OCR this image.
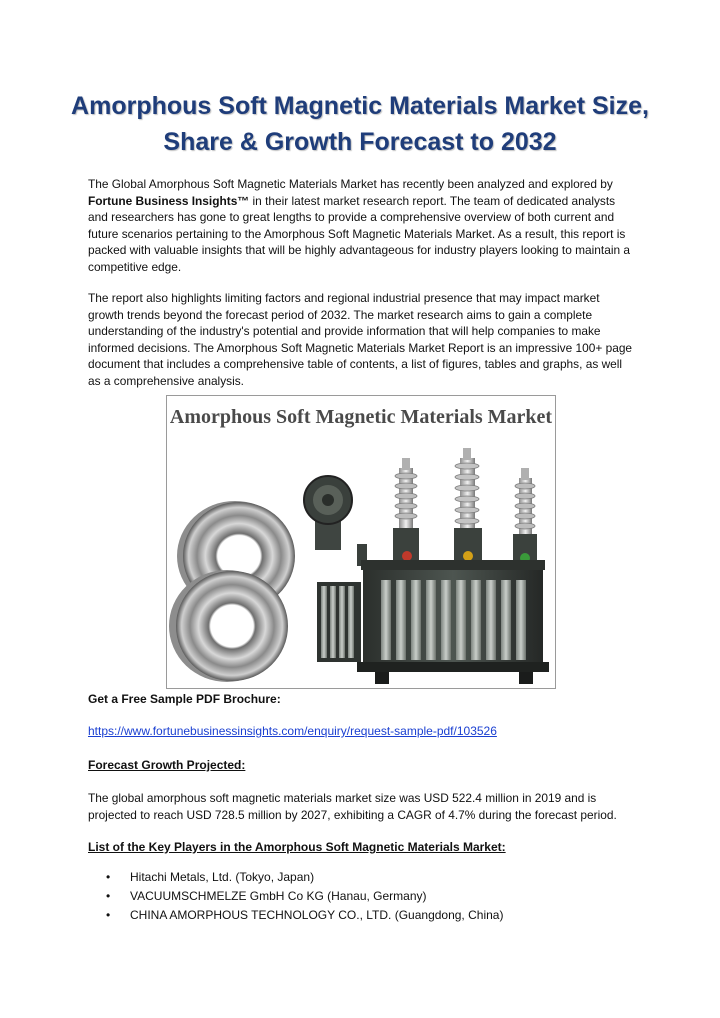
Amorphous Soft Magnetic Materials Market Size,
Share & Growth Forecast to 2032

The Global Amorphous Soft Magnetic Materials Market has recently been analyzed and explored by Fortune Business Insights™ in their latest market research report. The team of dedicated analysts and researchers has gone to great lengths to provide a comprehensive overview of both current and future scenarios pertaining to the Amorphous Soft Magnetic Materials Market. As a result, this report is packed with valuable insights that will be highly advantageous for industry players looking to maintain a competitive edge.

The report also highlights limiting factors and regional industrial presence that may impact market growth trends beyond the forecast period of 2032. The market research aims to gain a complete understanding of the industry's potential and provide information that will help companies to make informed decisions. The Amorphous Soft Magnetic Materials Market Report is an impressive 100+ page document that includes a comprehensive table of contents, a list of figures, tables and graphs, as well as a comprehensive analysis.

Amorphous Soft Magnetic Materials Market

Get a Free Sample PDF Brochure:

https://www.fortunebusinessinsights.com/enquiry/request-sample-pdf/103526

Forecast Growth Projected:

The global amorphous soft magnetic materials market size was USD 522.4 million in 2019 and is projected to reach USD 728.5 million by 2027, exhibiting a CAGR of 4.7% during the forecast period.

List of the Key Players in the Amorphous Soft Magnetic Materials Market:

• Hitachi Metals, Ltd. (Tokyo, Japan)
• VACUUMSCHMELZE GmbH Co KG (Hanau, Germany)
• CHINA AMORPHOUS TECHNOLOGY CO., LTD. (Guangdong, China)
